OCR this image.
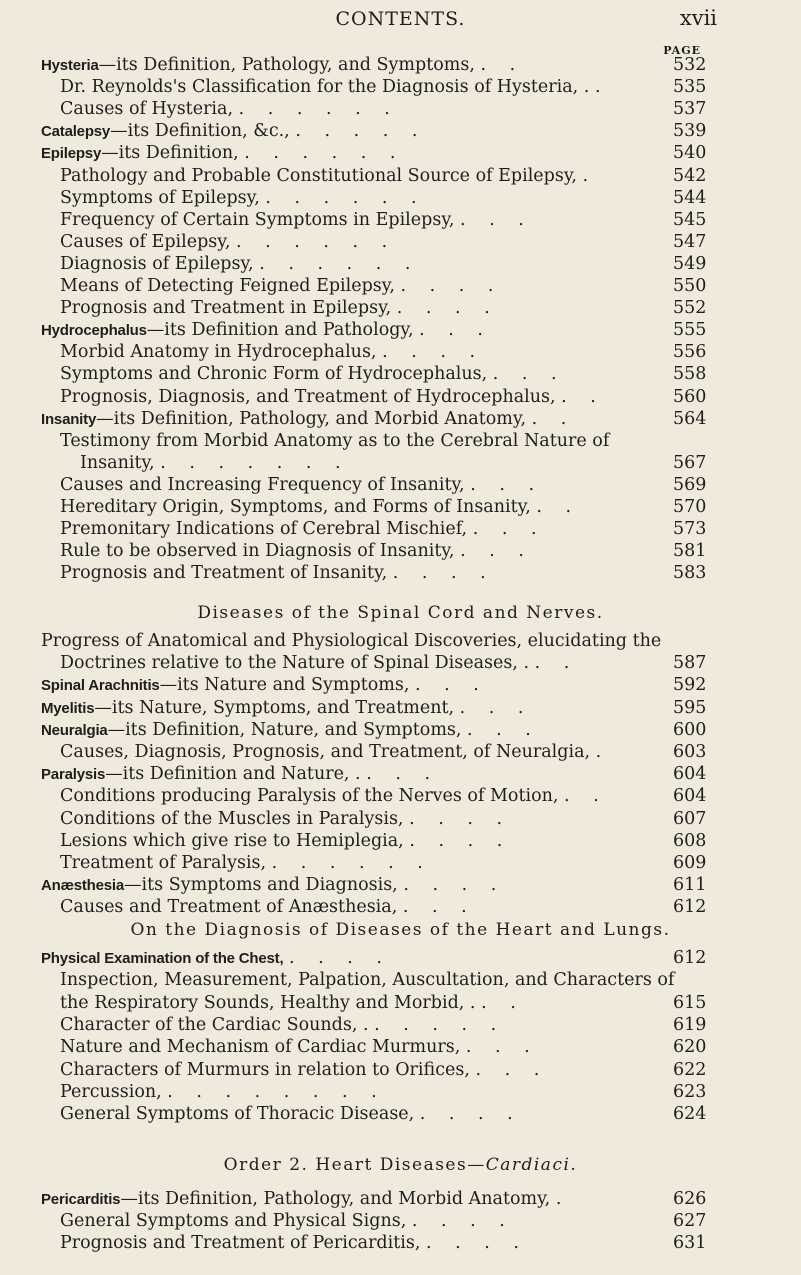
CONTENTS.	xvii
PAGE
Hysteria—its Definition, Pathology, and Symptoms, . .	532
Dr. Reynolds's Classification for the Diagnosis of Hysteria, . .	535
Causes of Hysteria, . . . . . .	537
Catalepsy—its Definition, &c., . . . . .	539
Epilepsy—its Definition, . . . . . .	540
Pathology and Probable Constitutional Source of Epilepsy, .	542
Symptoms of Epilepsy, . . . . . .	544
Frequency of Certain Symptoms in Epilepsy, . . .	545
Causes of Epilepsy, . . . . . .	547
Diagnosis of Epilepsy, . . . . . .	549
Means of Detecting Feigned Epilepsy, . . . .	550
Prognosis and Treatment in Epilepsy, . . . .	552
Hydrocephalus—its Definition and Pathology, . . .	555
Morbid Anatomy in Hydrocephalus, . . . .	556
Symptoms and Chronic Form of Hydrocephalus, . . .	558
Prognosis, Diagnosis, and Treatment of Hydrocephalus, . .	560
Insanity—its Definition, Pathology, and Morbid Anatomy, . .	564
Testimony from Morbid Anatomy as to the Cerebral Nature of
Insanity, . . . . . . .	567
Causes and Increasing Frequency of Insanity, . . .	569
Hereditary Origin, Symptoms, and Forms of Insanity, . .	570
Premonitary Indications of Cerebral Mischief, . . .	573
Rule to be observed in Diagnosis of Insanity, . . .	581
Prognosis and Treatment of Insanity, . . . .	583
Diseases of the Spinal Cord and Nerves.
Progress of Anatomical and Physiological Discoveries, elucidating the
Doctrines relative to the Nature of Spinal Diseases, . . .	587
Spinal Arachnitis—its Nature and Symptoms, . . .	592
Myelitis—its Nature, Symptoms, and Treatment, . . .	595
Neuralgia—its Definition, Nature, and Symptoms, . . .	600
Causes, Diagnosis, Prognosis, and Treatment, of Neuralgia, .	603
Paralysis—its Definition and Nature, . . . .	604
Conditions producing Paralysis of the Nerves of Motion, . .	604
Conditions of the Muscles in Paralysis, . . . .	607
Lesions which give rise to Hemiplegia, . . . .	608
Treatment of Paralysis, . . . . . .	609
Anæsthesia—its Symptoms and Diagnosis, . . . .	611
Causes and Treatment of Anæsthesia, . . .	612
On the Diagnosis of Diseases of the Heart and Lungs.
Physical Examination of the Chest, . . . .	612
Inspection, Measurement, Palpation, Auscultation, and Characters of
the Respiratory Sounds, Healthy and Morbid, . . .	615
Character of the Cardiac Sounds, . . . . . .	619
Nature and Mechanism of Cardiac Murmurs, . . .	620
Characters of Murmurs in relation to Orifices, . . .	622
Percussion, . . . . . . . .	623
General Symptoms of Thoracic Disease, . . . .	624
Order 2. Heart Diseases—Cardiaci.
Pericarditis—its Definition, Pathology, and Morbid Anatomy, .	626
General Symptoms and Physical Signs, . . . .	627
Prognosis and Treatment of Pericarditis, . . . .	631
